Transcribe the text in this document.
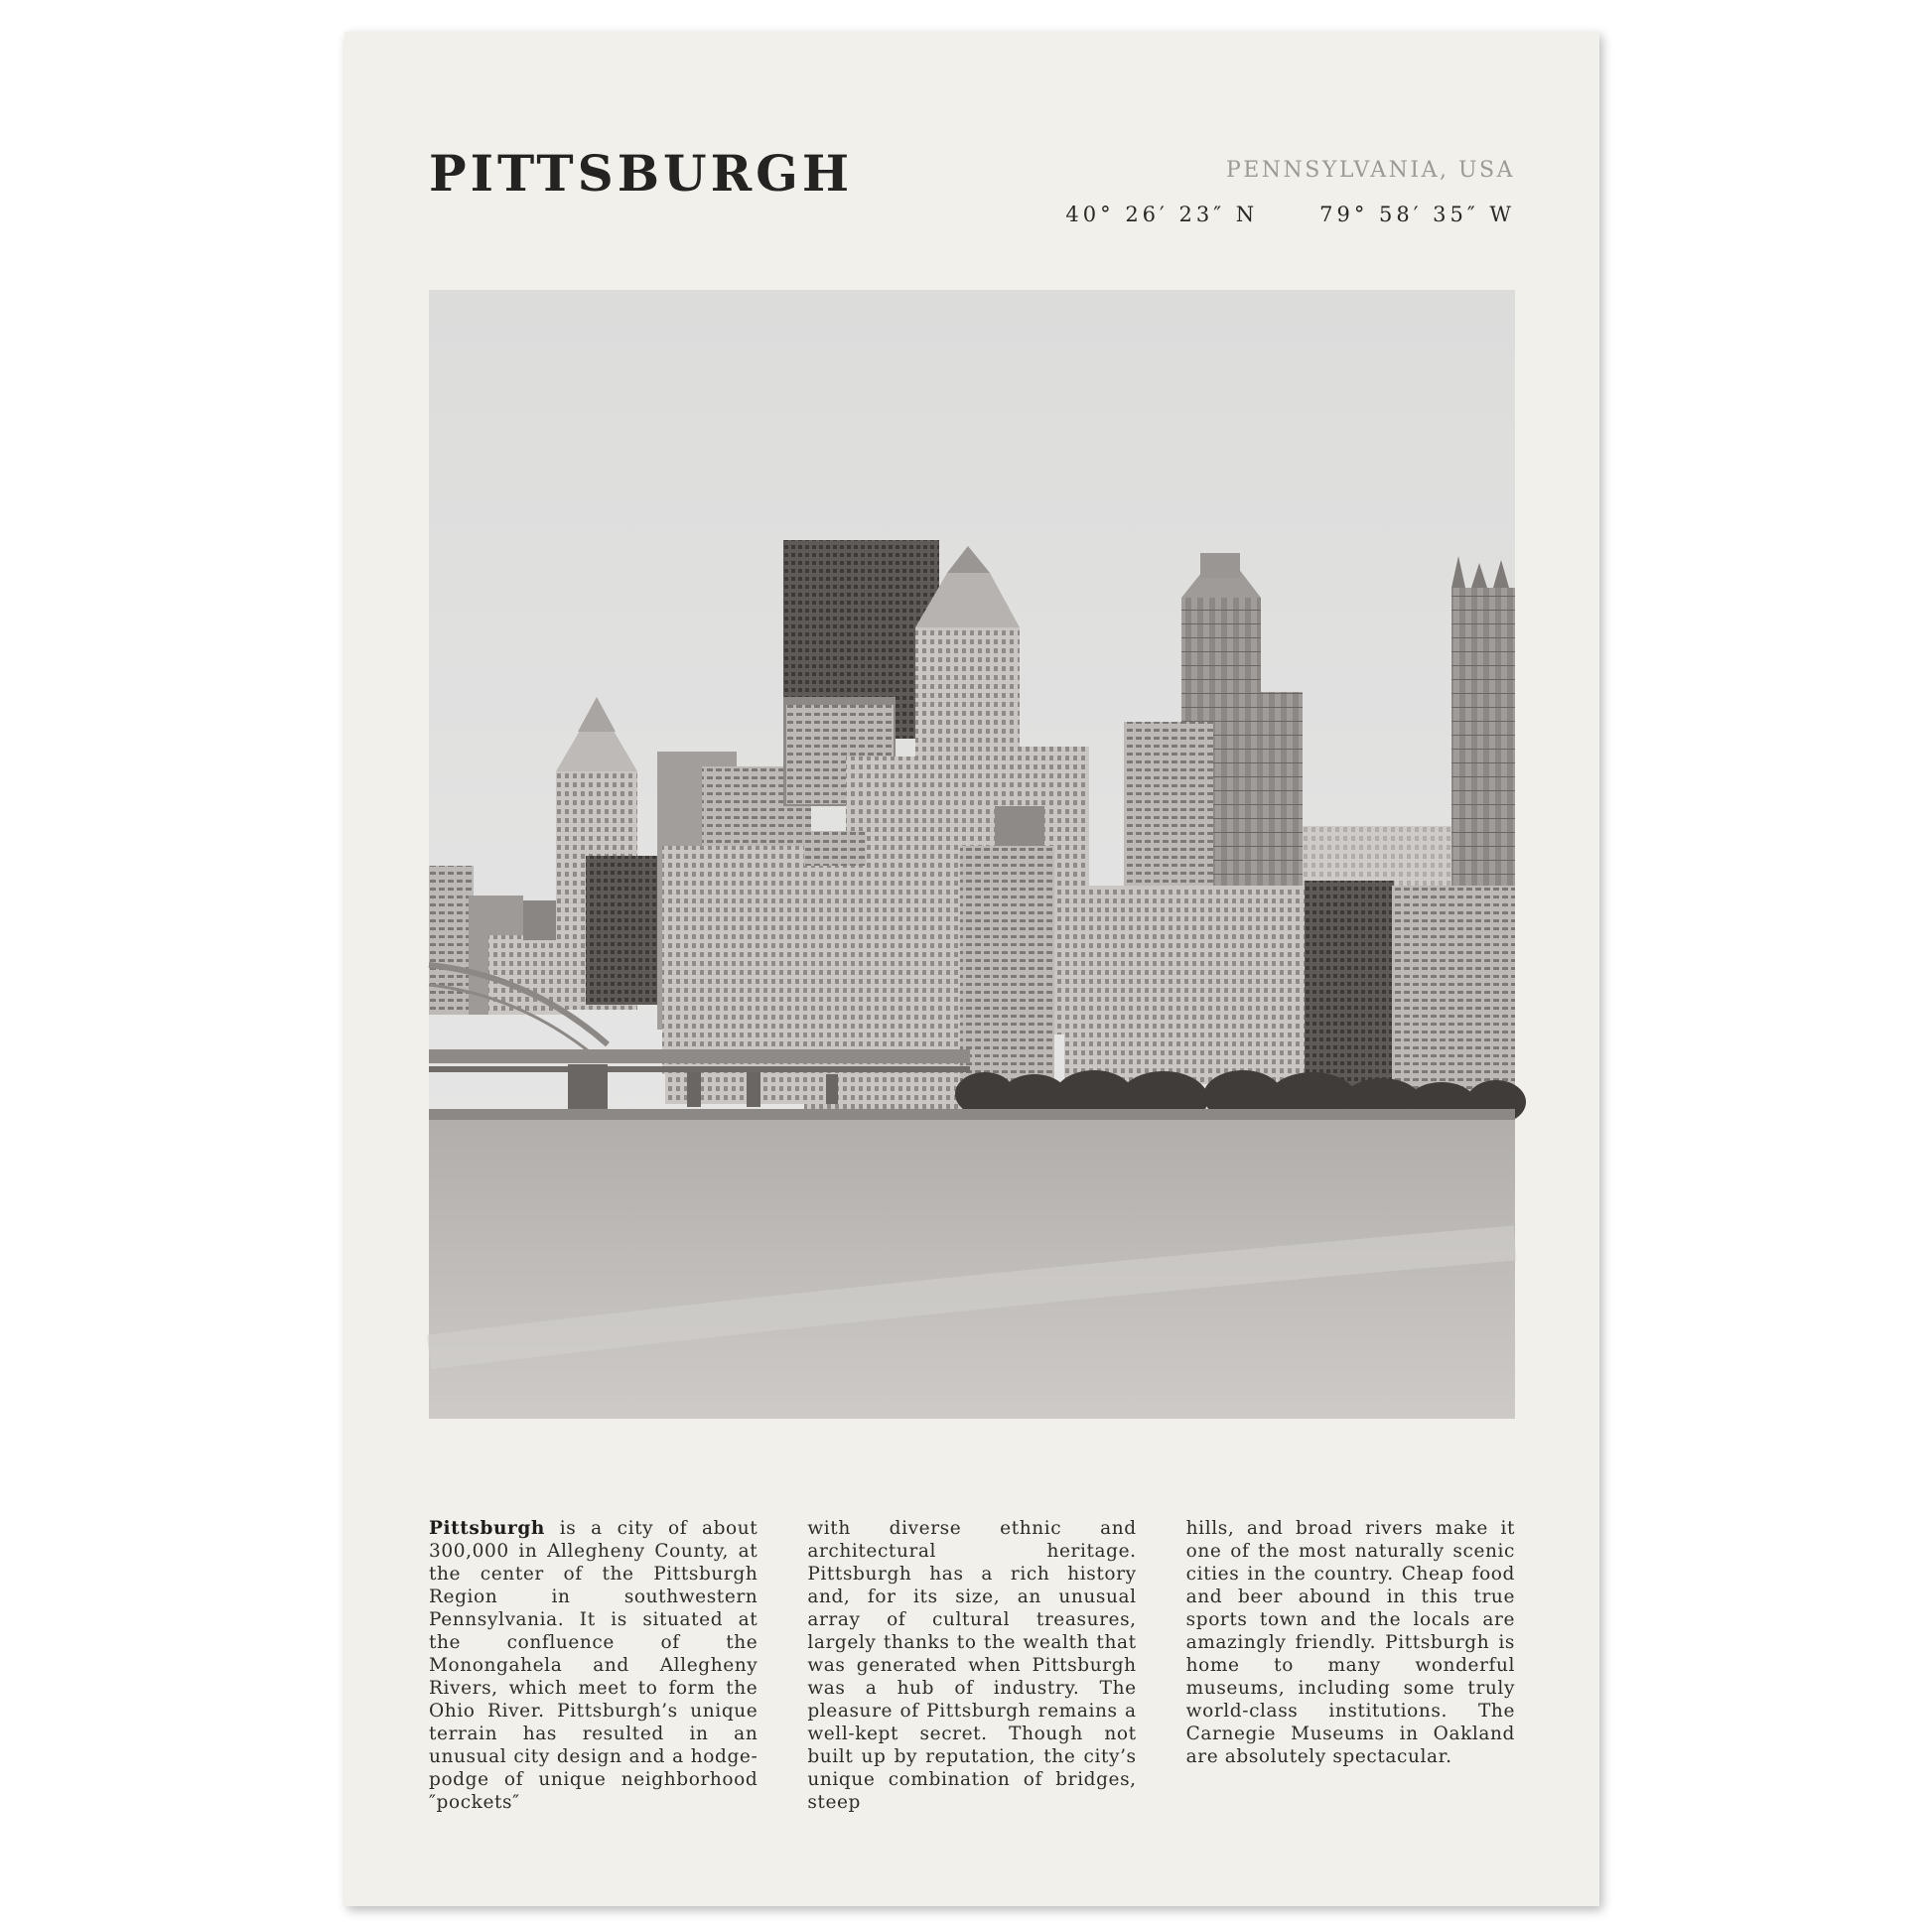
PITTSBURGH	PENNSYLVANIA, USA
40° 26′ 23″ N	79° 58′ 35″ W

Pittsburgh is a city of about 300,000 in Allegheny County, at the center of the Pittsburgh Region in southwestern Pennsylvania. It is situated at the confluence of the Monongahela and Allegheny Rivers, which meet to form the Ohio River. Pittsburgh’s unique terrain has resulted in an unusual city design and a hodge-podge of unique neighborhood ″pockets″

with diverse ethnic and architectural heritage. Pittsburgh has a rich history and, for its size, an unusual array of cultural treasures, largely thanks to the wealth that was generated when Pittsburgh was a hub of industry. The pleasure of Pittsburgh remains a well-kept secret. Though not built up by reputation, the city’s unique combination of bridges, steep

hills, and broad rivers make it one of the most naturally scenic cities in the country. Cheap food and beer abound in this true sports town and the locals are amazingly friendly. Pittsburgh is home to many wonderful museums, including some truly world-class institutions. The Carnegie Museums in Oakland are absolutely spectacular.
